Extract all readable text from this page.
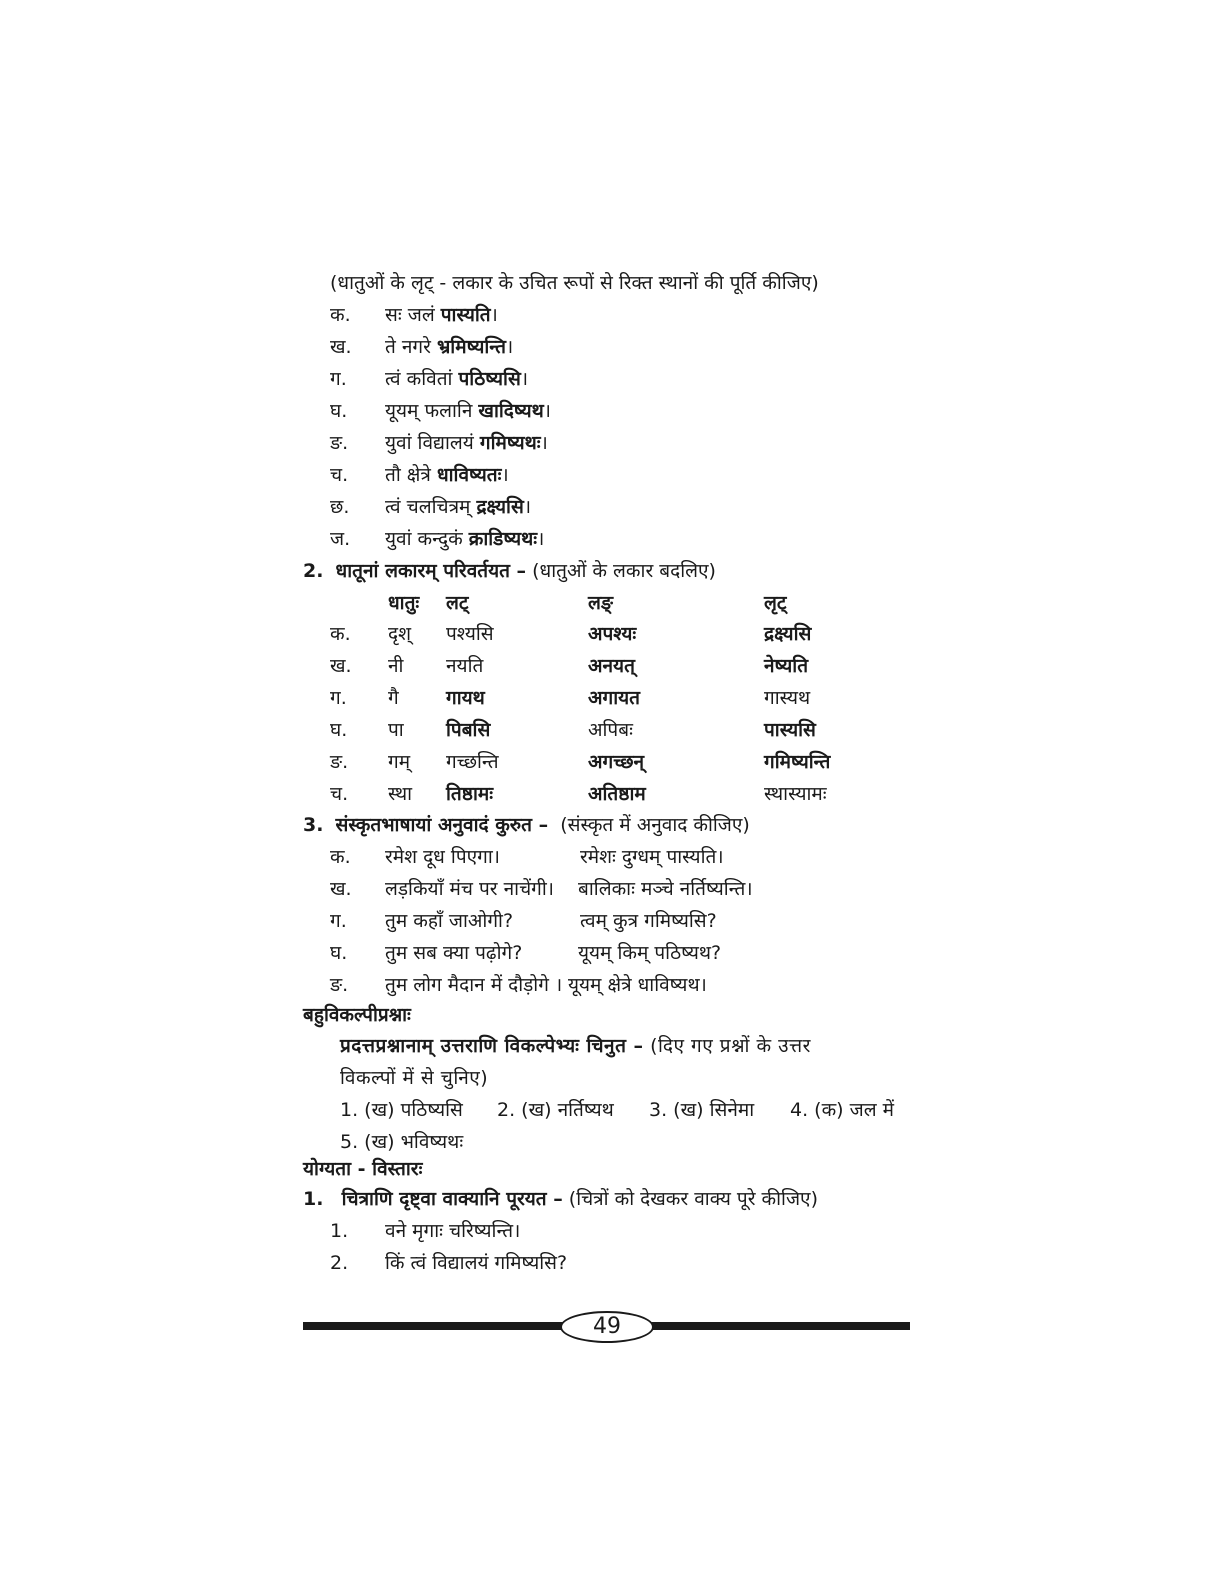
(धातुओं के लृट् - लकार के उचित रूपों से रिक्त स्थानों की पूर्ति कीजिए)
क. सः जलं पास्यति।
ख. ते नगरे भ्रमिष्यन्ति।
ग. त्वं कवितां पठिष्यसि।
घ. यूयम् फलानि खादिष्यथ।
ङ. युवां विद्यालयं गमिष्यथः।
च. तौ क्षेत्रे धाविष्यतः।
छ. त्वं चलचित्रम् द्रक्ष्यसि।
ज. युवां कन्दुकं क्राडिष्यथः।
2. धातूनां लकारम् परिवर्तयत – (धातुओं के लकार बदलिए)
धातुः लट्	लङ्	लृट्
क. दृश् पश्यसि	अपश्यः	द्रक्ष्यसि
ख. नी नयति	अनयत्	नेष्यति
ग. गै गायथ	अगायत	गास्यथ
घ. पा पिबसि	अपिबः	पास्यसि
ङ. गम् गच्छन्ति	अगच्छन्	गमिष्यन्ति
च. स्था तिष्ठामः	अतिष्ठाम	स्थास्यामः
3. संस्कृतभाषायां अनुवादं कुरुत – (संस्कृत में अनुवाद कीजिए)
क. रमेश दूध पिएगा।	रमेशः दुग्धम् पास्यति।
ख. लड़कियाँ मंच पर नाचेंगी। बालिकाः मञ्चे नर्तिष्यन्ति।
ग. तुम कहाँ जाओगी?	त्वम् कुत्र गमिष्यसि?
घ. तुम सब क्या पढ़ोगे?	यूयम् किम् पठिष्यथ?
ङ. तुम लोग मैदान में दौड़ोगे । यूयम् क्षेत्रे धाविष्यथ।
बहुविकल्पीप्रश्नाः
प्रदत्तप्रश्नानाम् उत्तराणि विकल्पेभ्यः चिनुत – (दिए गए प्रश्नों के उत्तर
विकल्पों में से चुनिए)
1. (ख) पठिष्यसि 2. (ख) नर्तिष्यथ 3. (ख) सिनेमा 4. (क) जल में
5. (ख) भविष्यथः
योग्यता - विस्तारः
1. चित्राणि दृष्ट्वा वाक्यानि पूरयत – (चित्रों को देखकर वाक्य पूरे कीजिए)
1. वने मृगाः चरिष्यन्ति।
2. किं त्वं विद्यालयं गमिष्यसि?
49
